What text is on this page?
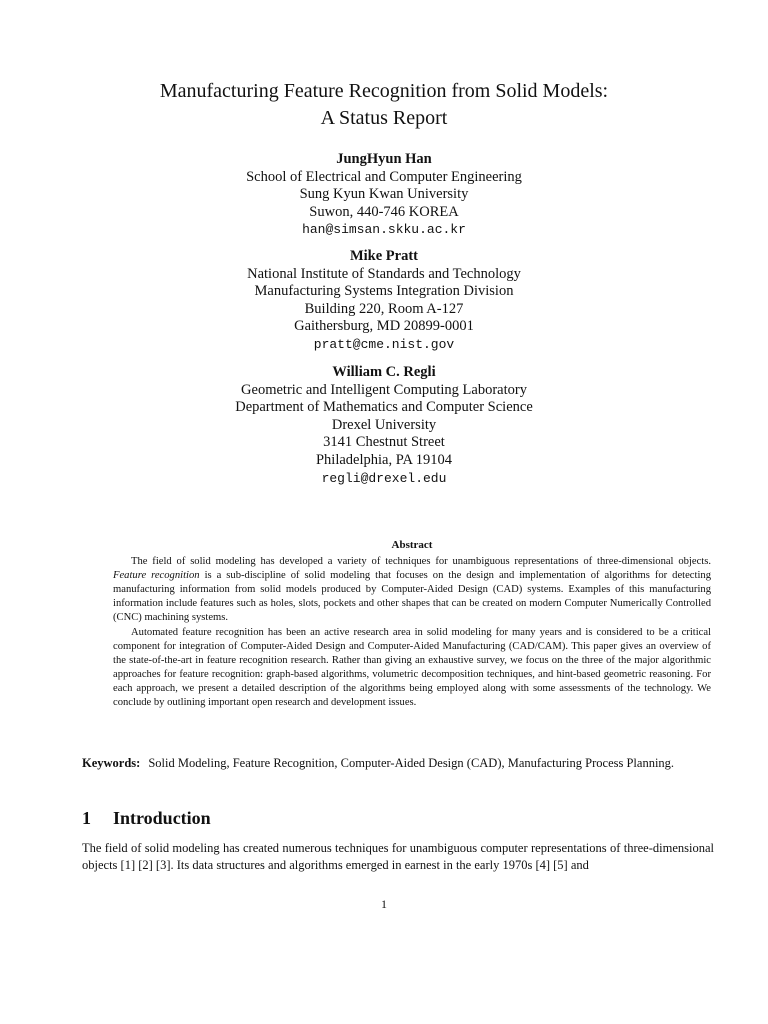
Manufacturing Feature Recognition from Solid Models:
A Status Report
JungHyun Han
School of Electrical and Computer Engineering
Sung Kyun Kwan University
Suwon, 440-746 KOREA
han@simsan.skku.ac.kr
Mike Pratt
National Institute of Standards and Technology
Manufacturing Systems Integration Division
Building 220, Room A-127
Gaithersburg, MD 20899-0001
pratt@cme.nist.gov
William C. Regli
Geometric and Intelligent Computing Laboratory
Department of Mathematics and Computer Science
Drexel University
3141 Chestnut Street
Philadelphia, PA 19104
regli@drexel.edu
Abstract

The field of solid modeling has developed a variety of techniques for unambiguous representations of three-dimensional objects. Feature recognition is a sub-discipline of solid modeling that focuses on the design and implementation of algorithms for detecting manufacturing information from solid models produced by Computer-Aided Design (CAD) systems. Examples of this manufacturing information include features such as holes, slots, pockets and other shapes that can be created on modern Computer Numerically Controlled (CNC) machining systems.

Automated feature recognition has been an active research area in solid modeling for many years and is considered to be a critical component for integration of Computer-Aided Design and Computer-Aided Manufacturing (CAD/CAM). This paper gives an overview of the state-of-the-art in feature recognition research. Rather than giving an exhaustive survey, we focus on the three of the major algorithmic approaches for feature recognition: graph-based algorithms, volumetric decomposition techniques, and hint-based geometric reasoning. For each approach, we present a detailed description of the algorithms being employed along with some assessments of the technology. We conclude by outlining important open research and development issues.

Keywords: Solid Modeling, Feature Recognition, Computer-Aided Design (CAD), Manufacturing Process Planning.
1 Introduction
The field of solid modeling has created numerous techniques for unambiguous computer representations of three-dimensional objects [1] [2] [3]. Its data structures and algorithms emerged in earnest in the early 1970s [4] [5] and
1
